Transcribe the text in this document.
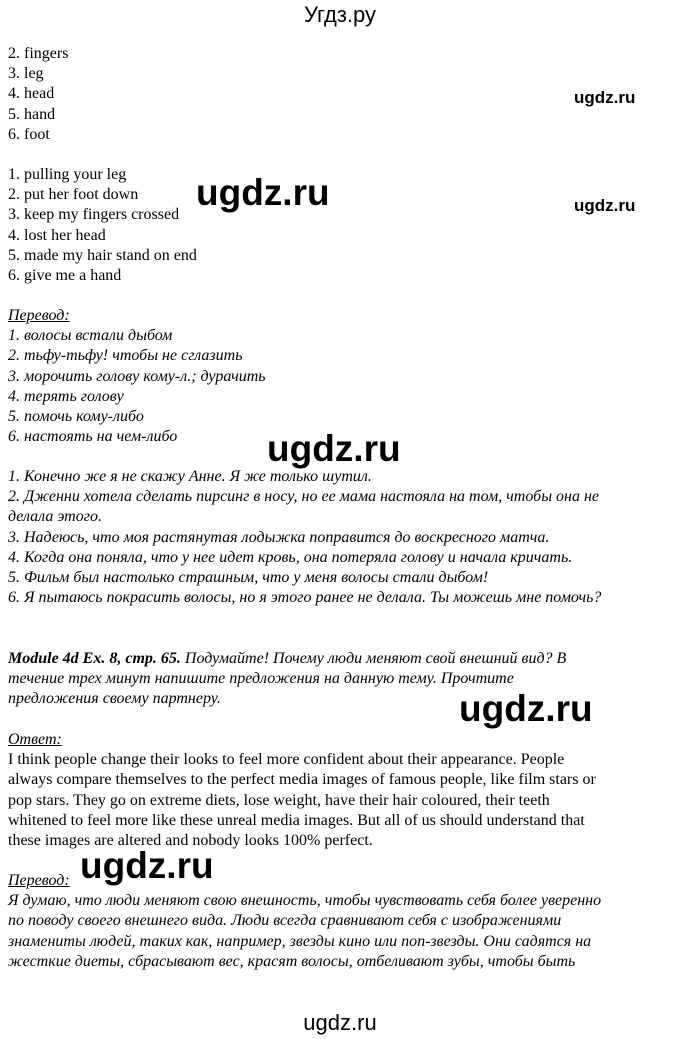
Угдз.ру
2. fingers
3. leg
4. head
5. hand
6. foot
1. pulling your leg
2. put her foot down
3. keep my fingers crossed
4. lost her head
5. made my hair stand on end
6. give me a hand
Перевод:
1. волосы встали дыбом
2. тьфу-тьфу! чтобы не сглазить
3. морочить голову кому-л.; дурачить
4. терять голову
5. помочь кому-либо
6. настоять на чем-либо
1. Конечно же я не скажу Анне. Я же только шутил.
2. Дженни хотела сделать пирсинг в носу, но ее мама настояла на том, чтобы она не
делала этого.
3. Надеюсь, что моя растянутая лодыжка поправится до воскресного матча.
4. Когда она поняла, что у нее идет кровь, она потеряла голову и начала кричать.
5. Фильм был настолько страшным, что у меня волосы стали дыбом!
6. Я пытаюсь покрасить волосы, но я этого ранее не делала. Ты можешь мне помочь?
Module 4d Ex. 8, стр. 65. Подумайте! Почему люди меняют свой внешний вид? В
течение трех минут напишите предложения на данную тему. Прочтите
предложения своему партнеру.
Ответ:
I think people change their looks to feel more confident about their appearance. People
always compare themselves to the perfect media images of famous people, like film stars or
pop stars. They go on extreme diets, lose weight, have their hair coloured, their teeth
whitened to feel more like these unreal media images. But all of us should understand that
these images are altered and nobody looks 100% perfect.
Перевод:
Я думаю, что люди меняют свою внешность, чтобы чувствовать себя более уверенно
по поводу своего внешнего вида. Люди всегда сравнивают себя с изображениями
знамениты людей, таких как, например, звезды кино или поп-звезды. Они садятся на
жесткие диеты, сбрасывают вес, красят волосы, отбеливают зубы, чтобы быть
ugdz.ru
ugdz.ru
ugdz.ru
ugdz.ru
ugdz.ru
ugdz.ru
ugdz.ru
